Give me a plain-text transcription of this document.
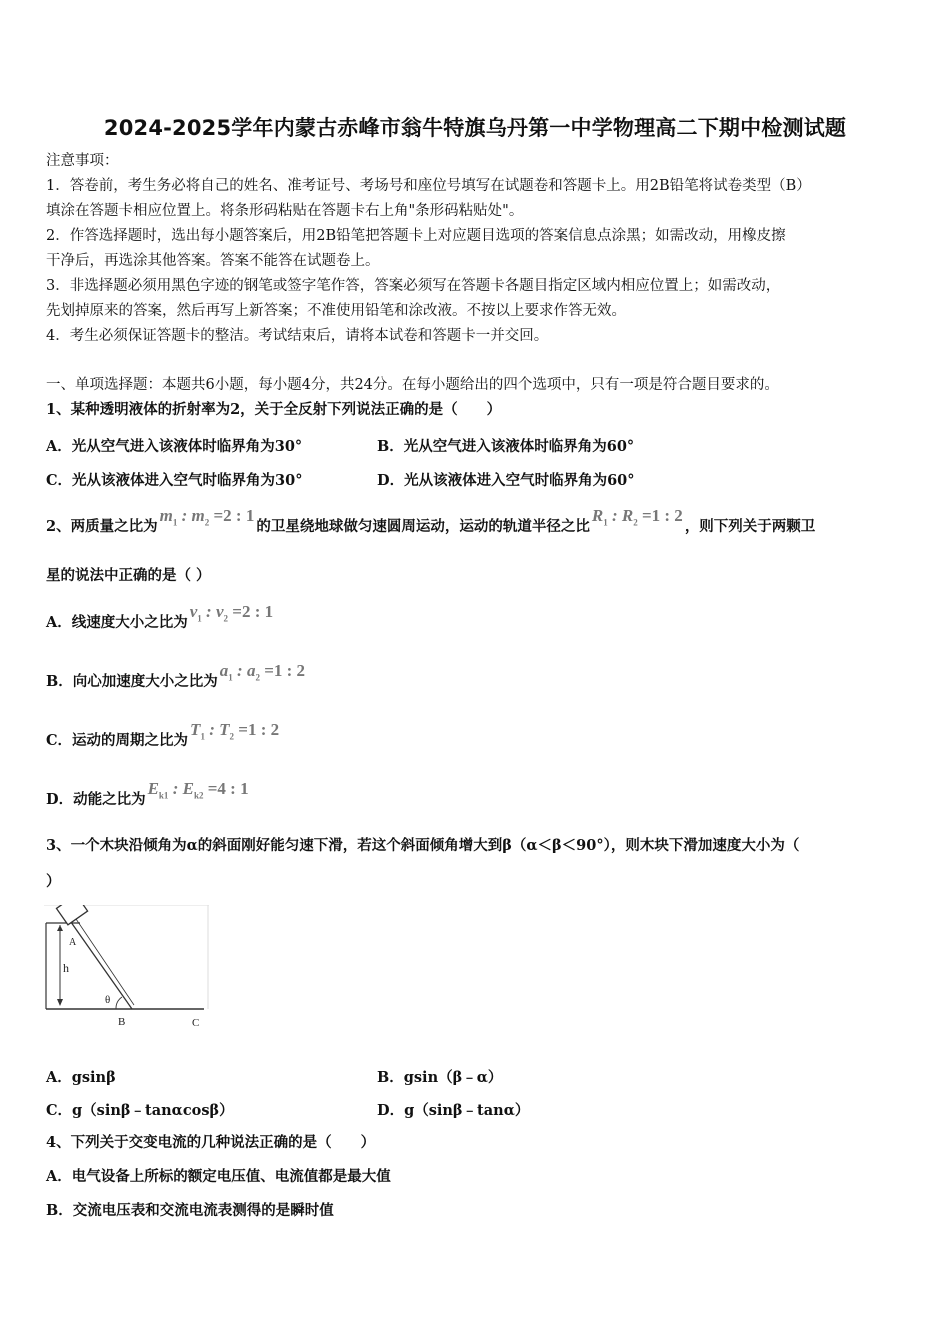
2024-2025学年内蒙古赤峰市翁牛特旗乌丹第一中学物理高二下期中检测试题
注意事项：
1．答卷前，考生务必将自己的姓名、准考证号、考场号和座位号填写在试题卷和答题卡上。用2B铅笔将试卷类型（B）
填涂在答题卡相应位置上。将条形码粘贴在答题卡右上角"条形码粘贴处"。
2．作答选择题时，选出每小题答案后，用2B铅笔把答题卡上对应题目选项的答案信息点涂黑；如需改动，用橡皮擦
干净后，再选涂其他答案。答案不能答在试题卷上。
3．非选择题必须用黑色字迹的钢笔或签字笔作答，答案必须写在答题卡各题目指定区域内相应位置上；如需改动，
先划掉原来的答案，然后再写上新答案；不准使用铅笔和涂改液。不按以上要求作答无效。
4．考生必须保证答题卡的整洁。考试结束后，请将本试卷和答题卡一并交回。
一、单项选择题：本题共6小题，每小题4分，共24分。在每小题给出的四个选项中，只有一项是符合题目要求的。
1、某种透明液体的折射率为2，关于全反射下列说法正确的是（　　）
A．光从空气进入该液体时临界角为30°	B．光从空气进入该液体时临界角为60°
C．光从该液体进入空气时临界角为30°	D．光从该液体进入空气时临界角为60°
2、两质量之比为$m_1$ : $m_2 =2$ : 1的卫星绕地球做匀速圆周运动，运动的轨道半径之比$R_1$ : $R_2 =1$ : 2，则下列关于两颗卫
星的说法中正确的是（ ）
A．线速度大小之比为$v_1$ : $v_2 =2$ : 1
B．向心加速度大小之比为$a_1$ : $a_2 =1$ : 2
C．运动的周期之比为$T_1$ : $T_2 =1$ : 2
D．动能之比为$E_{k1}$ : $E_{k2} =4$ : 1
3、一个木块沿倾角为α的斜面刚好能匀速下滑，若这个斜面倾角增大到β（α＜β＜90°），则木块下滑加速度大小为（
）
A
h
θ
B	C
A．gsinβ	B．gsin（β﹣α）
C．g（sinβ﹣tanαcosβ）	D．g（sinβ﹣tanα）
4、下列关于交变电流的几种说法正确的是（　　）
A．电气设备上所标的额定电压值、电流值都是最大值
B．交流电压表和交流电流表测得的是瞬时值
